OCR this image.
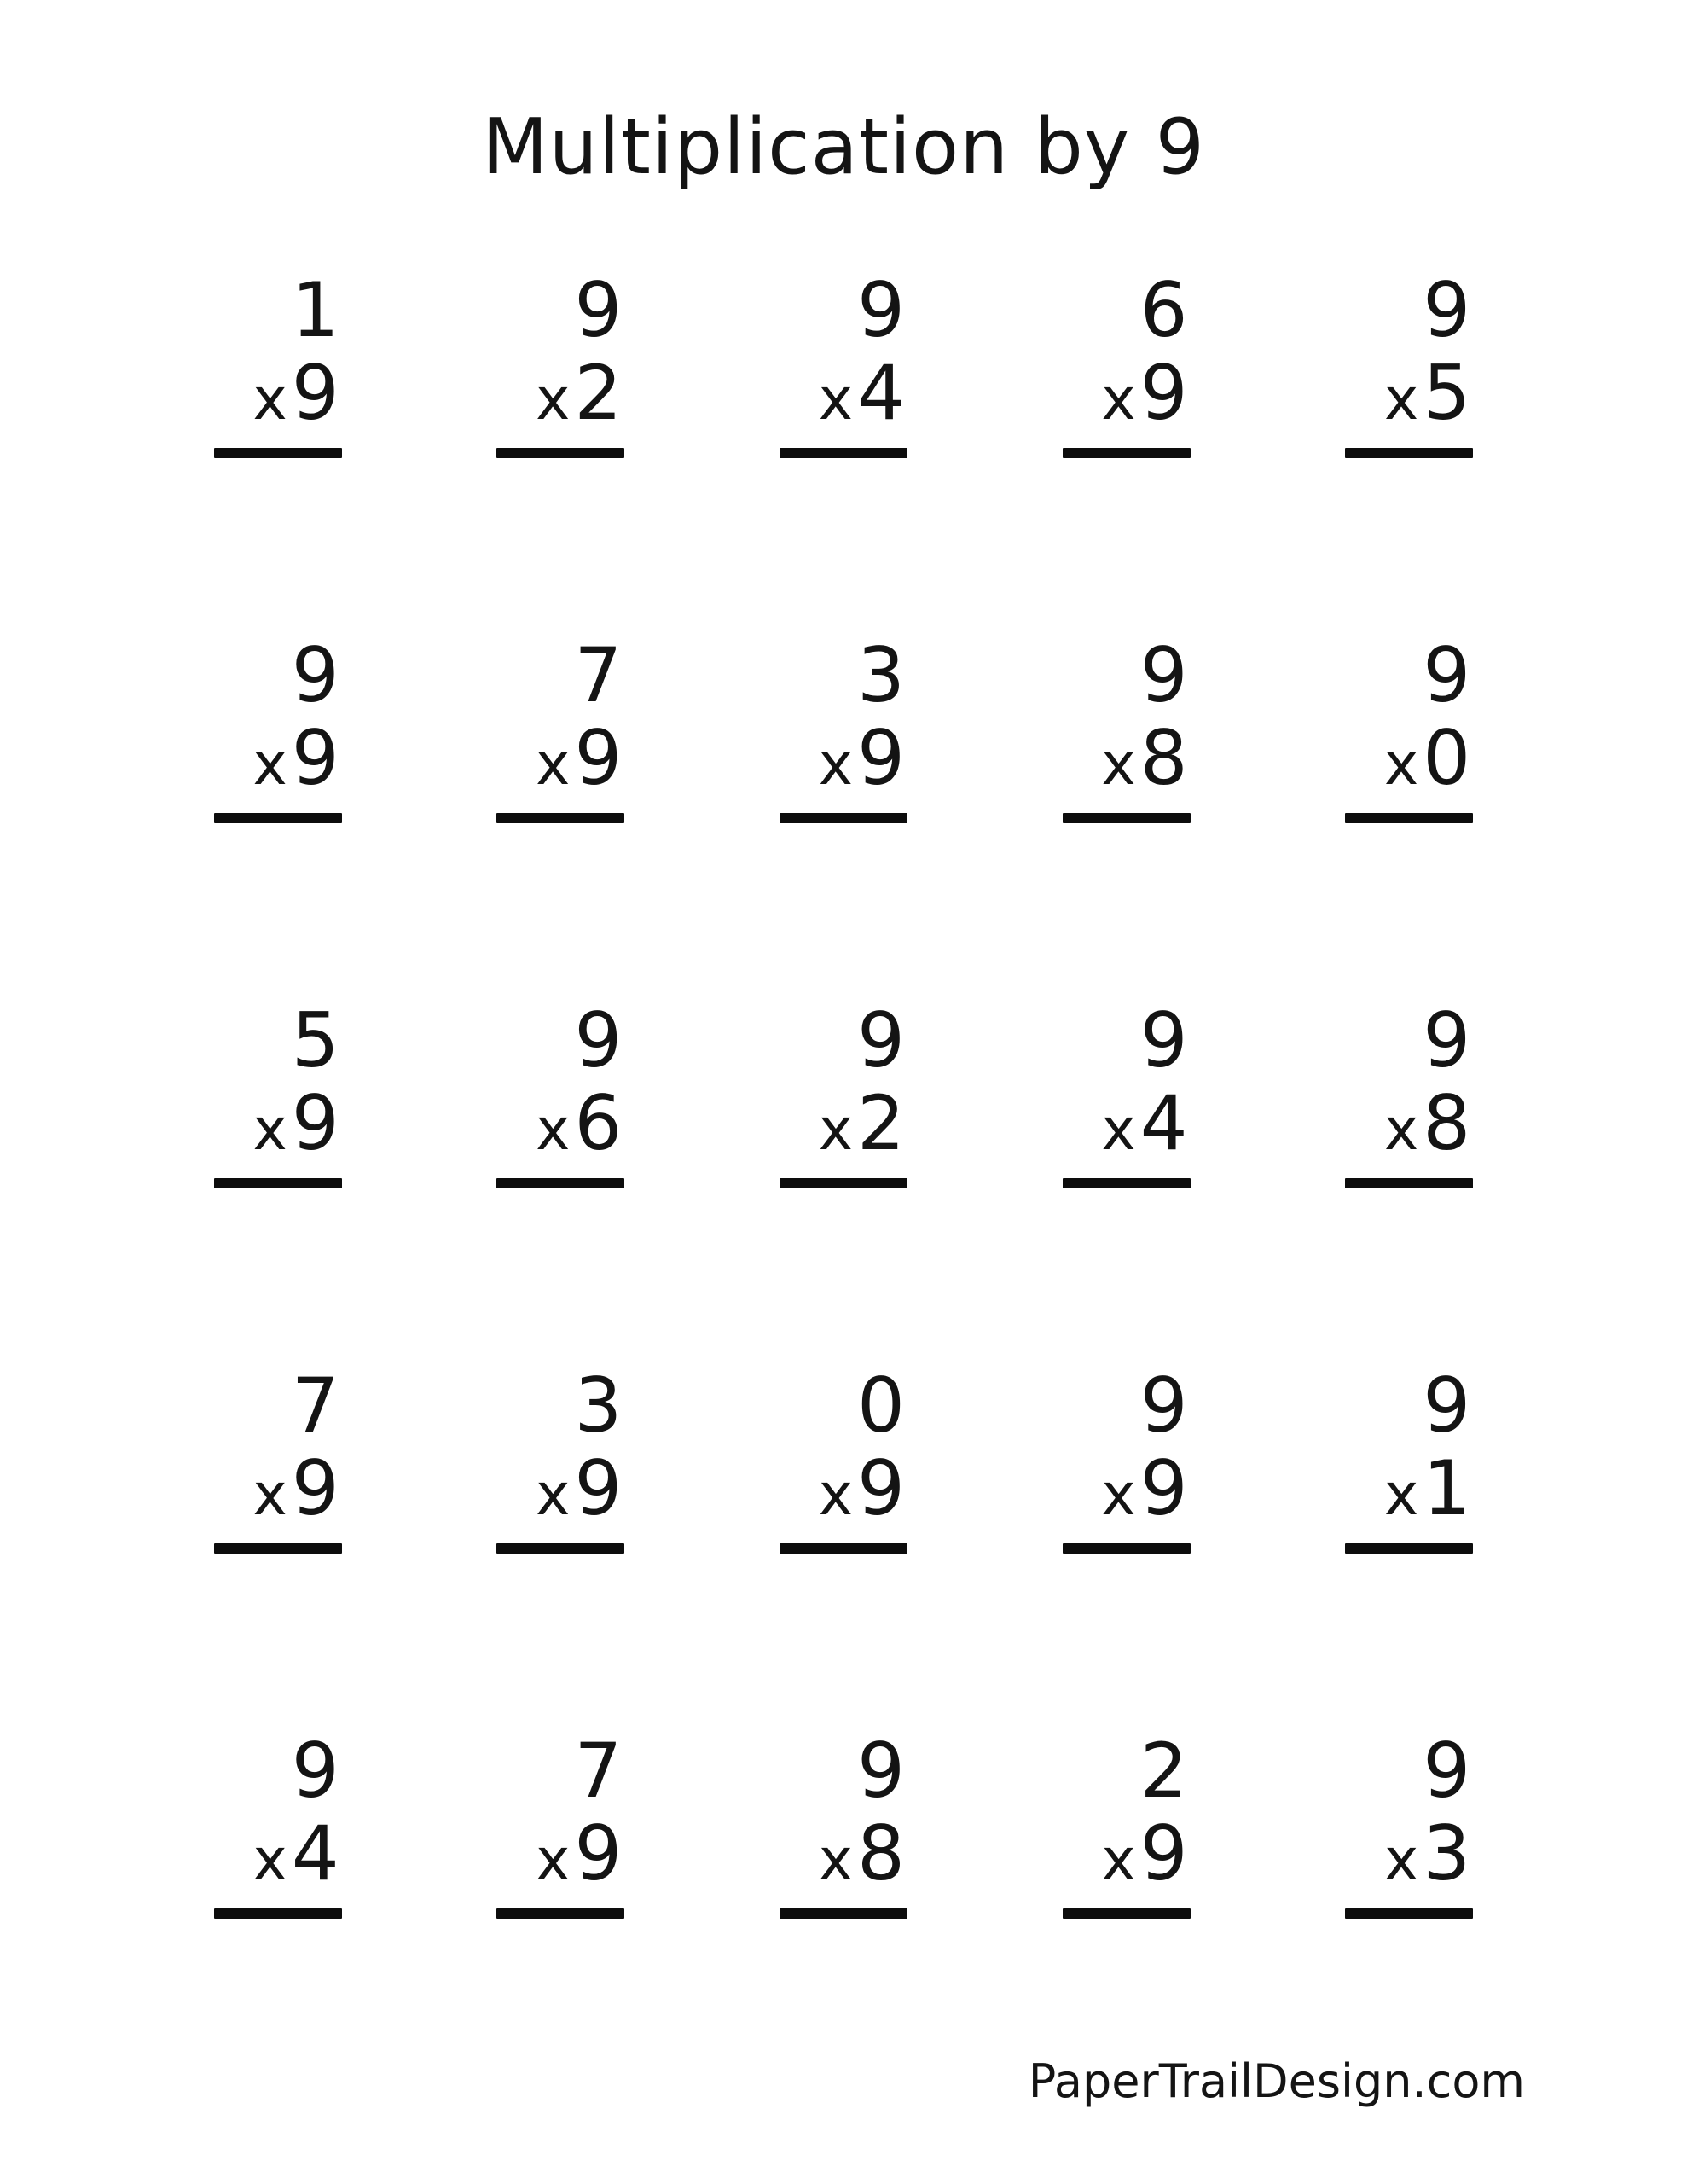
Multiplication by 9
1
x9
9
x2
9
x4
6
x9
9
x5
9
x9
7
x9
3
x9
9
x8
9
x0
5
x9
9
x6
9
x2
9
x4
9
x8
7
x9
3
x9
0
x9
9
x9
9
x1
9
x4
7
x9
9
x8
2
x9
9
x3
PaperTrailDesign.com
